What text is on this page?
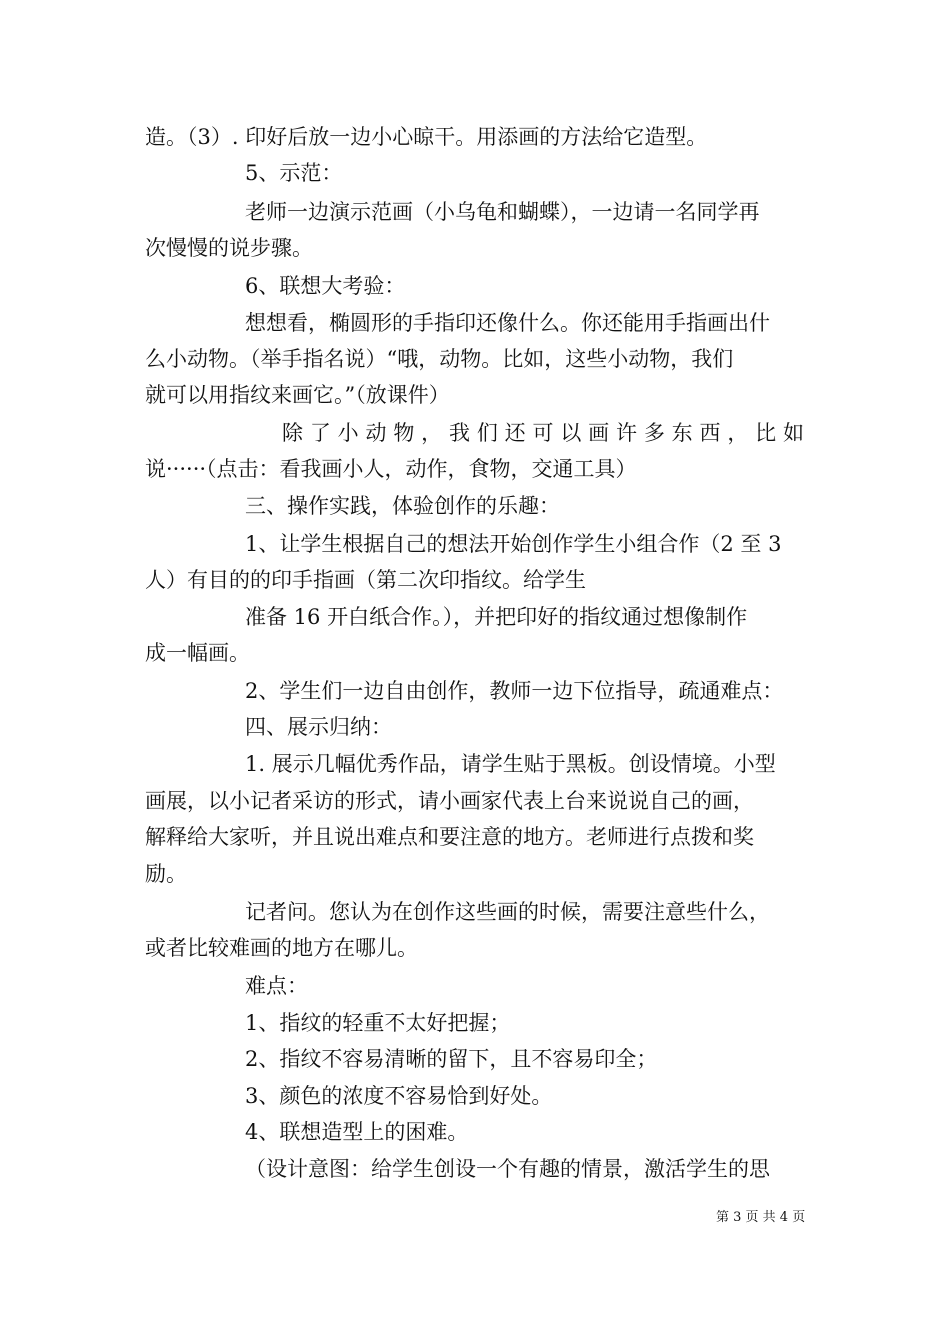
造。（3）. 印好后放一边小心晾干。用添画的方法给它造型。
5、示范：
老师一边演示范画（小乌龟和蝴蝶），一边请一名同学再
次慢慢的说步骤。
6、联想大考验：
想想看，椭圆形的手指印还像什么。你还能用手指画出什
么小动物。（举手指名说）“哦，动物。比如，这些小动物，我们
就可以用指纹来画它。”（放课件）
除了小动物，我们还可以画许多东西，比如
说······（点击：看我画小人，动作，食物，交通工具）
三、操作实践，体验创作的乐趣：
1、让学生根据自己的想法开始创作学生小组合作（2 至 3
人）有目的的印手指画（第二次印指纹。给学生
准备 16 开白纸合作。），并把印好的指纹通过想像制作
成一幅画。
2、学生们一边自由创作，教师一边下位指导，疏通难点：
四、展示归纳：
1. 展示几幅优秀作品，请学生贴于黑板。创设情境。小型
画展，以小记者采访的形式，请小画家代表上台来说说自己的画，
解释给大家听，并且说出难点和要注意的地方。老师进行点拨和奖
励。
记者问。您认为在创作这些画的时候，需要注意些什么，
或者比较难画的地方在哪儿。
难点：
1、指纹的轻重不太好把握；
2、指纹不容易清晰的留下，且不容易印全；
3、颜色的浓度不容易恰到好处。
4、联想造型上的困难。
（设计意图：给学生创设一个有趣的情景，激活学生的思
第 3 页 共 4 页
